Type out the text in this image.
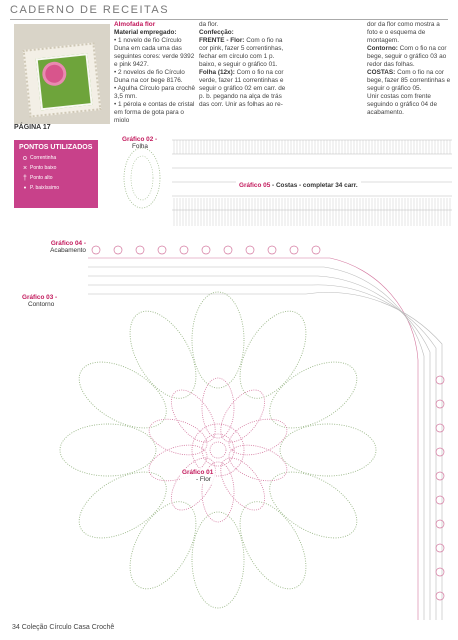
CADERNO DE RECEITAS
PÁGINA 17
Almofada flor
Material empregado:
• 1 novelo de fio Círculo Duna em cada uma das seguintes cores: verde 9392 e pink 9427.
• 2 novelos de fio Círculo Duna na cor bege 8176.
• Agulha Círculo para crochê 3,5 mm.
• 1 pérola e contas de cristal em forma de gota para o miolo
da flor.
Confecção:
FRENTE - Flor: Com o fio na cor pink, fazer 5 correntinhas, fechar em círculo com 1 p. baixo, e seguir o gráfico 01.
Folha (12x): Com o fio na cor verde, fazer 11 correntinhas e seguir o gráfico 02 em carr. de p. b. pegando na alça de trás das corr. Unir as folhas ao re-
dor da flor como mostra a foto e o esquema de montagem.
Contorno: Com o fio na cor bege, seguir o gráfico 03 ao redor das folhas.
COSTAS: Com o fio na cor bege, fazer 85 correntinhas e seguir o gráfico 05.
Unir costas com frente seguindo o gráfico 04 de acabamento.
PONTOS UTILIZADOS
o Correntinha
× Ponto baixo
† Ponto alto
• P. baixíssimo
Gráfico 02 -
Folha
Gráfico 05 - Costas - completar 34 carr.
Gráfico 04 -
Acabamento
Gráfico 03 -
Contorno
Gráfico 01
- Flor
34 Coleção Círculo Casa Crochê
